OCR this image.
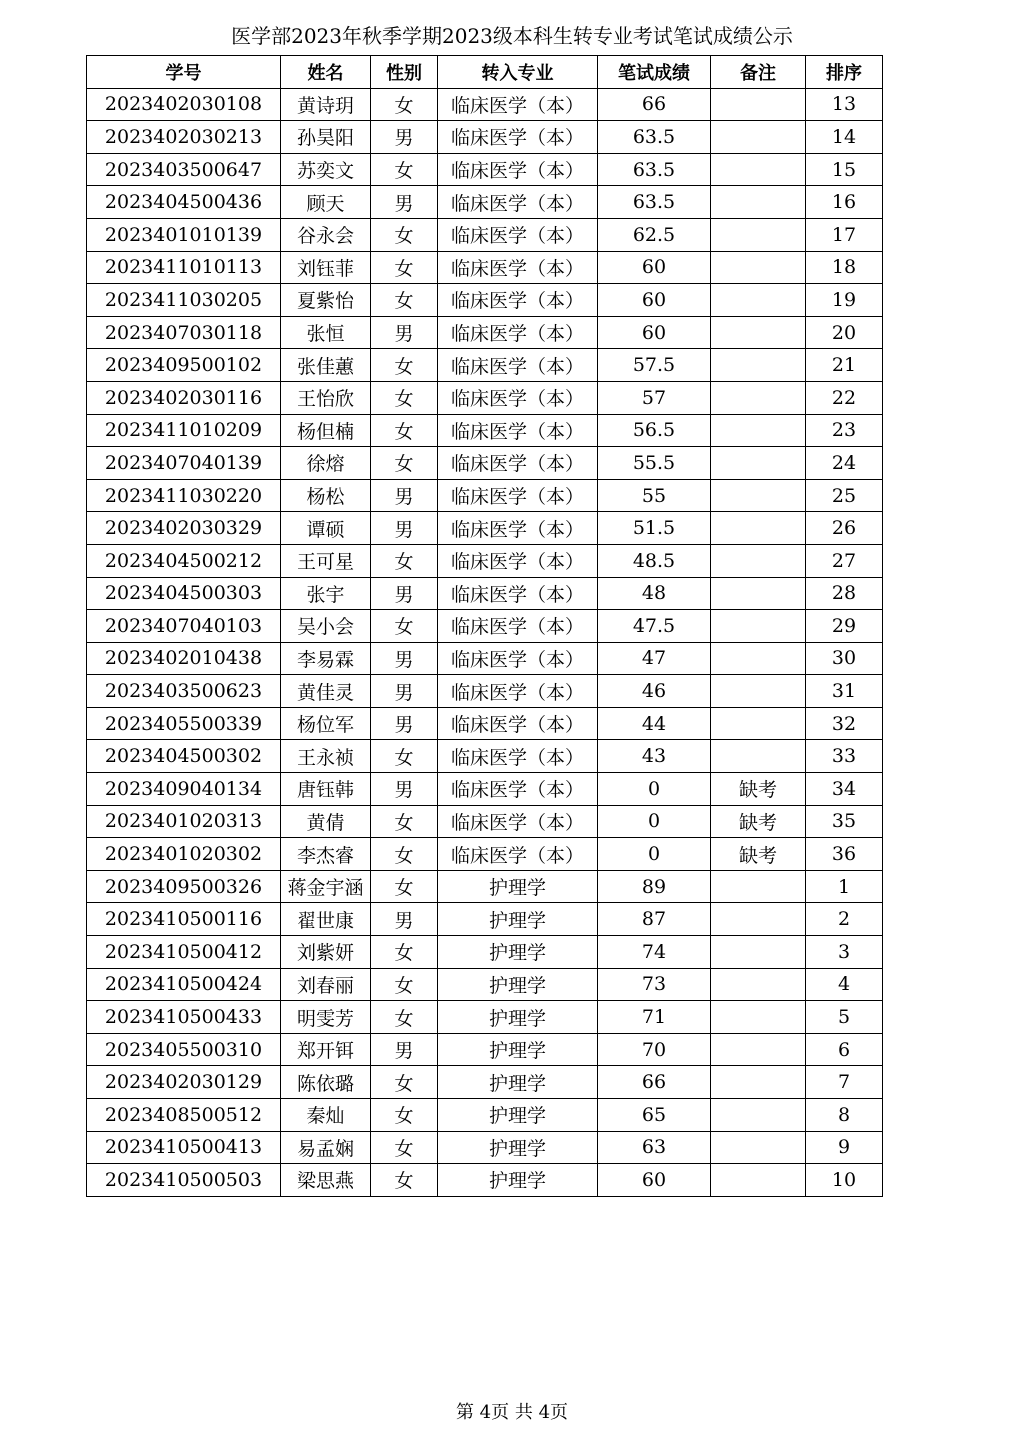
医学部2023年秋季学期2023级本科生转专业考试笔试成绩公示
学号	姓名	性别	转入专业	笔试成绩	备注	排序
2023402030108	黄诗玥	女	临床医学（本）	66		13
2023402030213	孙昊阳	男	临床医学（本）	63.5		14
2023403500647	苏奕文	女	临床医学（本）	63.5		15
2023404500436	顾天	男	临床医学（本）	63.5		16
2023401010139	谷永会	女	临床医学（本）	62.5		17
2023411010113	刘钰菲	女	临床医学（本）	60		18
2023411030205	夏紫怡	女	临床医学（本）	60		19
2023407030118	张恒	男	临床医学（本）	60		20
2023409500102	张佳蕙	女	临床医学（本）	57.5		21
2023402030116	王怡欣	女	临床医学（本）	57		22
2023411010209	杨但楠	女	临床医学（本）	56.5		23
2023407040139	徐熔	女	临床医学（本）	55.5		24
2023411030220	杨松	男	临床医学（本）	55		25
2023402030329	谭硕	男	临床医学（本）	51.5		26
2023404500212	王可星	女	临床医学（本）	48.5		27
2023404500303	张宇	男	临床医学（本）	48		28
2023407040103	吴小会	女	临床医学（本）	47.5		29
2023402010438	李易霖	男	临床医学（本）	47		30
2023403500623	黄佳灵	男	临床医学（本）	46		31
2023405500339	杨位军	男	临床医学（本）	44		32
2023404500302	王永祯	女	临床医学（本）	43		33
2023409040134	唐钰韩	男	临床医学（本）	0	缺考	34
2023401020313	黄倩	女	临床医学（本）	0	缺考	35
2023401020302	李杰睿	女	临床医学（本）	0	缺考	36
2023409500326	蒋金宇涵	女	护理学	89		1
2023410500116	翟世康	男	护理学	87		2
2023410500412	刘紫妍	女	护理学	74		3
2023410500424	刘春丽	女	护理学	73		4
2023410500433	明雯芳	女	护理学	71		5
2023405500310	郑开铒	男	护理学	70		6
2023402030129	陈依璐	女	护理学	66		7
2023408500512	秦灿	女	护理学	65		8
2023410500413	易孟娴	女	护理学	63		9
2023410500503	梁思燕	女	护理学	60		10
第 4页 共 4页
